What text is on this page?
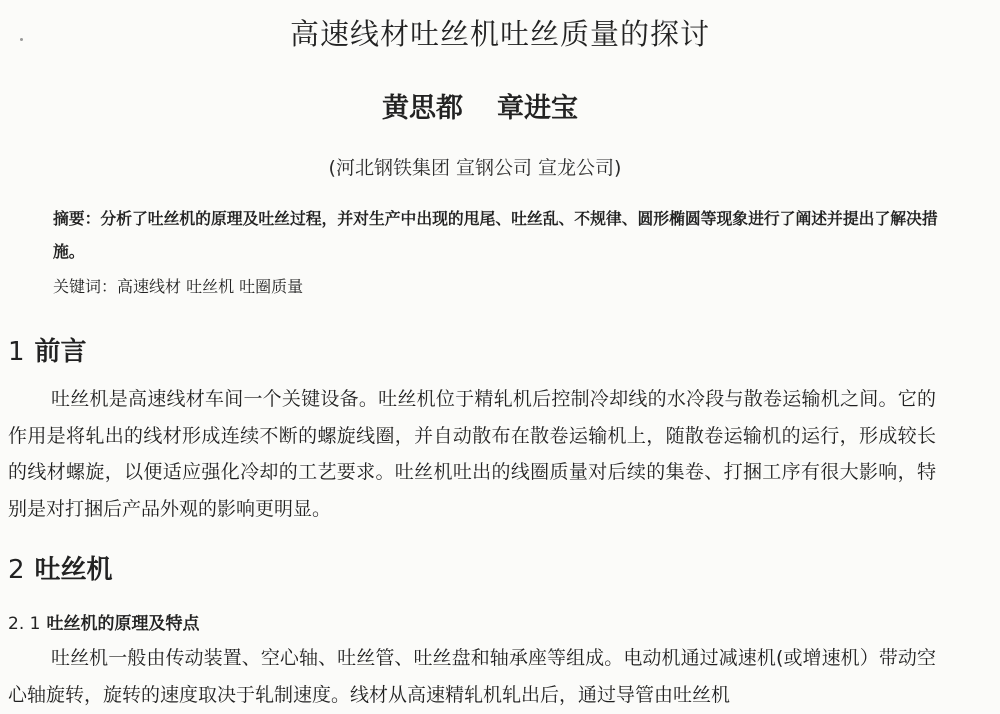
高速线材吐丝机吐丝质量的探讨
黄思都 章进宝
(河北钢铁集团 宣钢公司 宣龙公司)
摘要：分析了吐丝机的原理及吐丝过程，并对生产中出现的甩尾、吐丝乱、不规律、圆形椭圆等现象进行了阐述并提出了解决措施。
关键词：高速线材 吐丝机 吐圈质量
1 前言

吐丝机是高速线材车间一个关键设备。吐丝机位于精轧机后控制冷却线的水冷段与散卷运输机之间。它的作用是将轧出的线材形成连续不断的螺旋线圈，并自动散布在散卷运输机上，随散卷运输机的运行，形成较长的线材螺旋，以便适应强化冷却的工艺要求。吐丝机吐出的线圈质量对后续的集卷、打捆工序有很大影响，特别是对打捆后产品外观的影响更明显。

2 吐丝机
2. 1 吐丝机的原理及特点

吐丝机一般由传动装置、空心轴、吐丝管、吐丝盘和轴承座等组成。电动机通过减速机(或增速机）带动空心轴旋转，旋转的速度取决于轧制速度。线材从高速精轧机轧出后，通过导管由吐丝机
